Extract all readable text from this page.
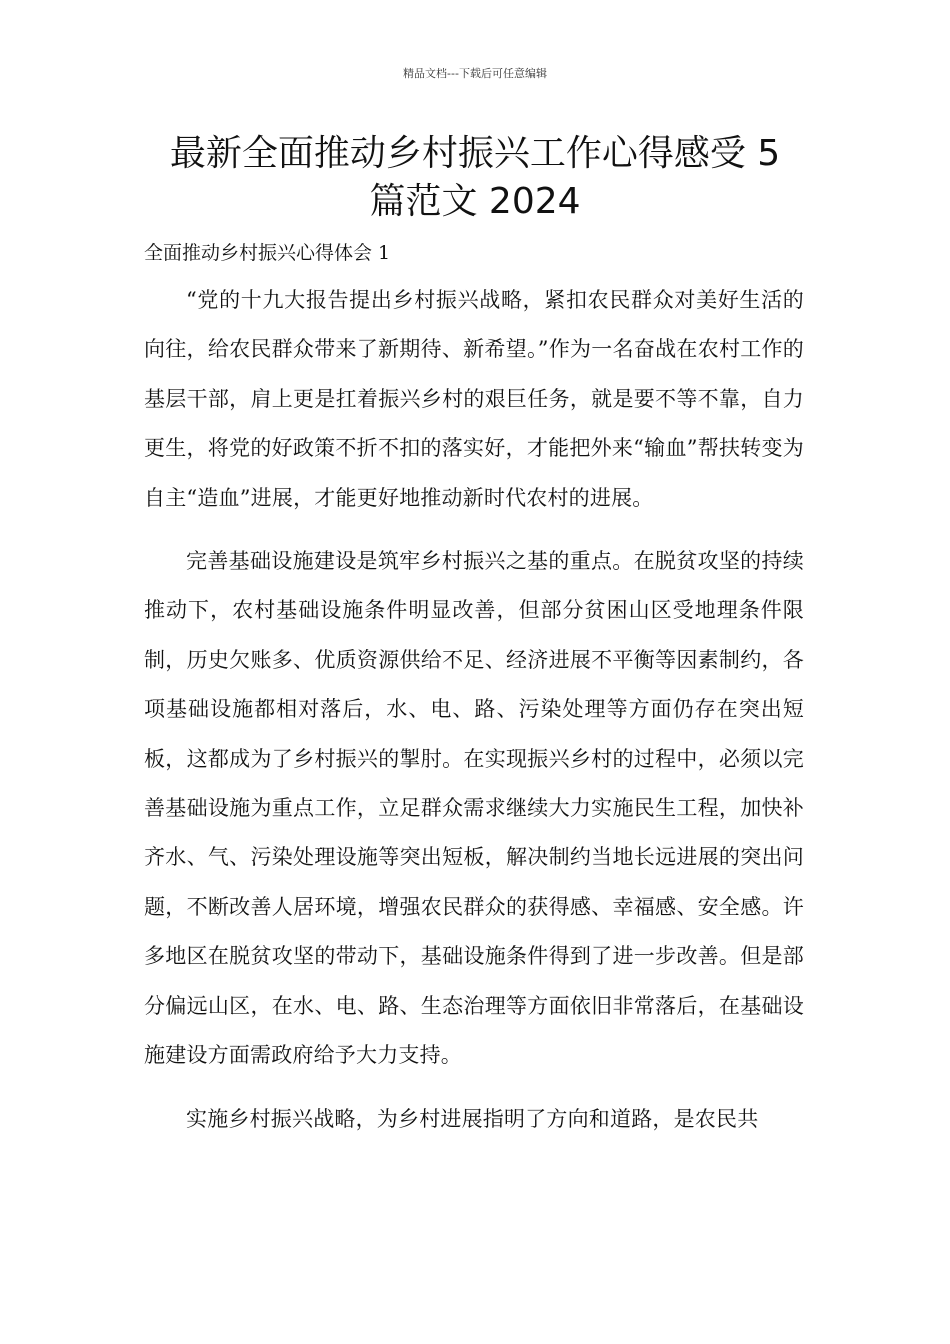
精品文档---下载后可任意编辑
最新全面推动乡村振兴工作心得感受 5
篇范文 2024

全面推动乡村振兴心得体会 1

“党的十九大报告提出乡村振兴战略，紧扣农民群众对美好生活的向往，给农民群众带来了新期待、新希望。”作为一名奋战在农村工作的基层干部，肩上更是扛着振兴乡村的艰巨任务，就是要不等不靠，自力更生，将党的好政策不折不扣的落实好，才能把外来“输血”帮扶转变为自主“造血”进展，才能更好地推动新时代农村的进展。

完善基础设施建设是筑牢乡村振兴之基的重点。在脱贫攻坚的持续推动下，农村基础设施条件明显改善，但部分贫困山区受地理条件限制，历史欠账多、优质资源供给不足、经济进展不平衡等因素制约，各项基础设施都相对落后，水、电、路、污染处理等方面仍存在突出短板，这都成为了乡村振兴的掣肘。在实现振兴乡村的过程中，必须以完善基础设施为重点工作，立足群众需求继续大力实施民生工程，加快补齐水、气、污染处理设施等突出短板，解决制约当地长远进展的突出问题，不断改善人居环境，增强农民群众的获得感、幸福感、安全感。许多地区在脱贫攻坚的带动下，基础设施条件得到了进一步改善。但是部分偏远山区，在水、电、路、生态治理等方面依旧非常落后，在基础设施建设方面需政府给予大力支持。

实施乡村振兴战略，为乡村进展指明了方向和道路，是农民共
